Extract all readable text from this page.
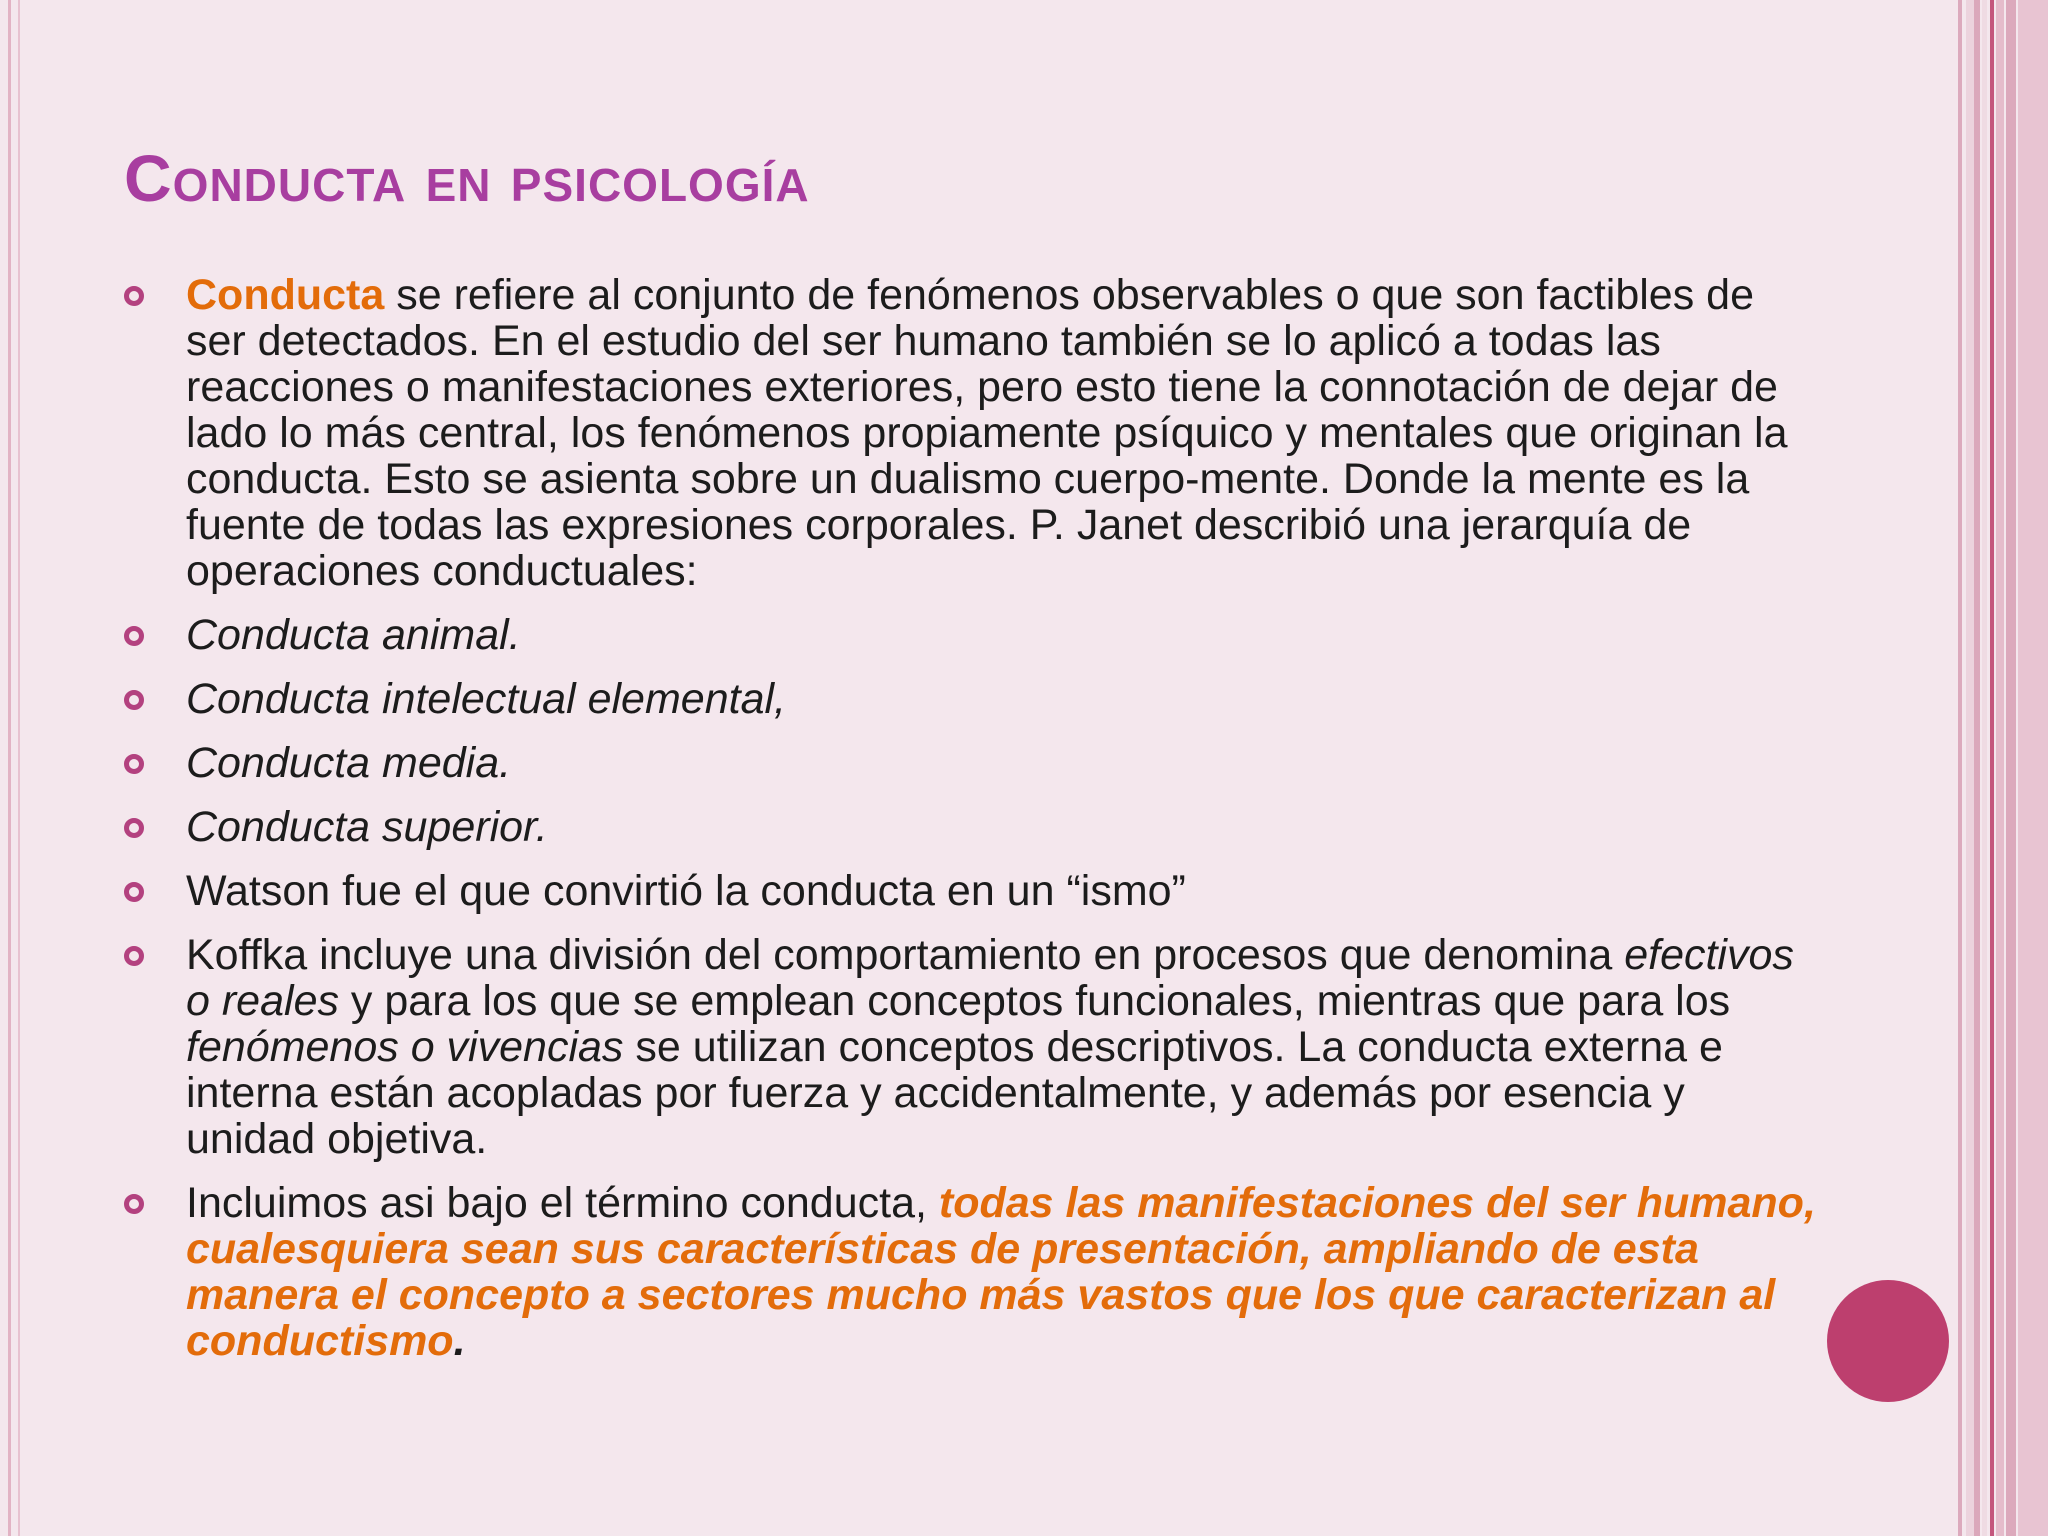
Conducta en psicología
Conducta se refiere al conjunto de fenómenos observables o que son factibles de ser detectados. En el estudio del ser humano también se lo aplicó a todas las reacciones o manifestaciones exteriores, pero esto tiene la connotación de dejar de lado lo más central, los fenómenos propiamente psíquico y mentales que originan la conducta. Esto se asienta sobre un dualismo cuerpo-mente. Donde la mente es la fuente de todas las expresiones corporales. P. Janet describió una jerarquía de operaciones conductuales:
Conducta animal.
Conducta intelectual elemental,
Conducta media.
Conducta superior.
Watson fue el que convirtió la conducta en un “ismo”
Koffka incluye una división del comportamiento en procesos que denomina efectivos o reales y para los que se emplean conceptos funcionales, mientras que para los fenómenos o vivencias se utilizan conceptos descriptivos. La conducta externa e interna están acopladas por fuerza y accidentalmente, y además por esencia y unidad objetiva.
Incluimos asi bajo el término conducta, todas las manifestaciones del ser humano, cualesquiera sean sus características de presentación, ampliando de esta manera el concepto a sectores mucho más vastos que los que caracterizan al conductismo.
